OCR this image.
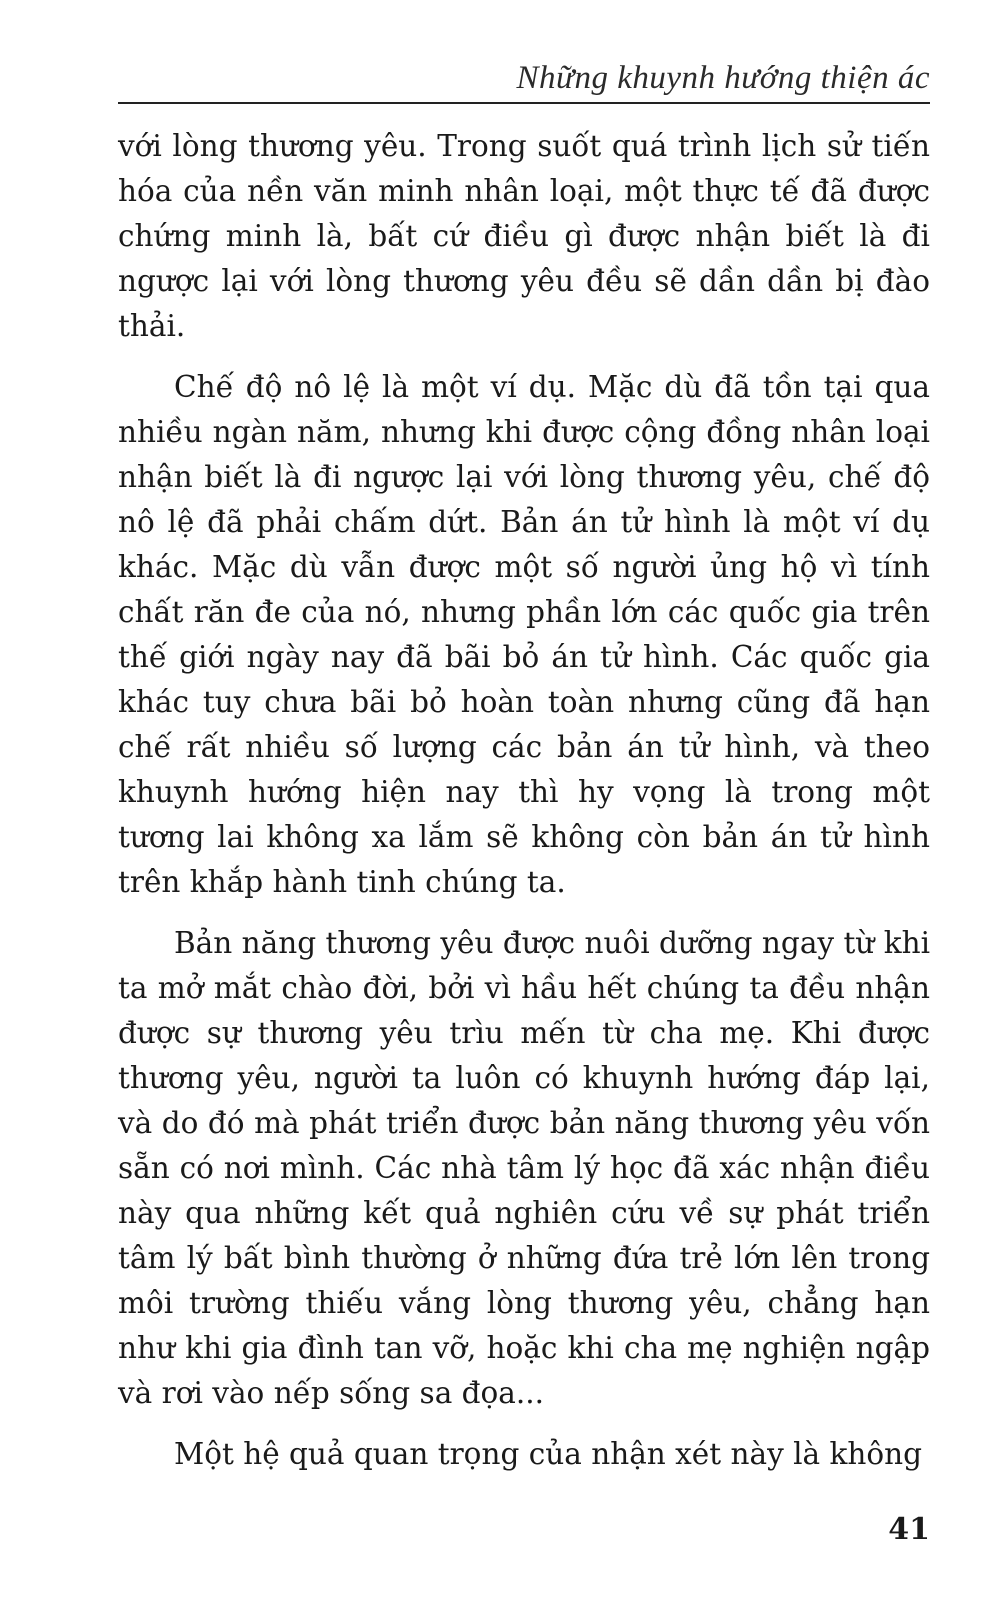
Những khuynh hướng thiện ác

với lòng thương yêu. Trong suốt quá trình lịch sử tiến hóa của nền văn minh nhân loại, một thực tế đã được chứng minh là, bất cứ điều gì được nhận biết là đi ngược lại với lòng thương yêu đều sẽ dần dần bị đào thải.

Chế độ nô lệ là một ví dụ. Mặc dù đã tồn tại qua nhiều ngàn năm, nhưng khi được cộng đồng nhân loại nhận biết là đi ngược lại với lòng thương yêu, chế độ nô lệ đã phải chấm dứt. Bản án tử hình là một ví dụ khác. Mặc dù vẫn được một số người ủng hộ vì tính chất răn đe của nó, nhưng phần lớn các quốc gia trên thế giới ngày nay đã bãi bỏ án tử hình. Các quốc gia khác tuy chưa bãi bỏ hoàn toàn nhưng cũng đã hạn chế rất nhiều số lượng các bản án tử hình, và theo khuynh hướng hiện nay thì hy vọng là trong một tương lai không xa lắm sẽ không còn bản án tử hình trên khắp hành tinh chúng ta.

Bản năng thương yêu được nuôi dưỡng ngay từ khi ta mở mắt chào đời, bởi vì hầu hết chúng ta đều nhận được sự thương yêu trìu mến từ cha mẹ. Khi được thương yêu, người ta luôn có khuynh hướng đáp lại, và do đó mà phát triển được bản năng thương yêu vốn sẵn có nơi mình. Các nhà tâm lý học đã xác nhận điều này qua những kết quả nghiên cứu về sự phát triển tâm lý bất bình thường ở những đứa trẻ lớn lên trong môi trường thiếu vắng lòng thương yêu, chẳng hạn như khi gia đình tan vỡ, hoặc khi cha mẹ nghiện ngập và rơi vào nếp sống sa đọa...

Một hệ quả quan trọng của nhận xét này là không

41
